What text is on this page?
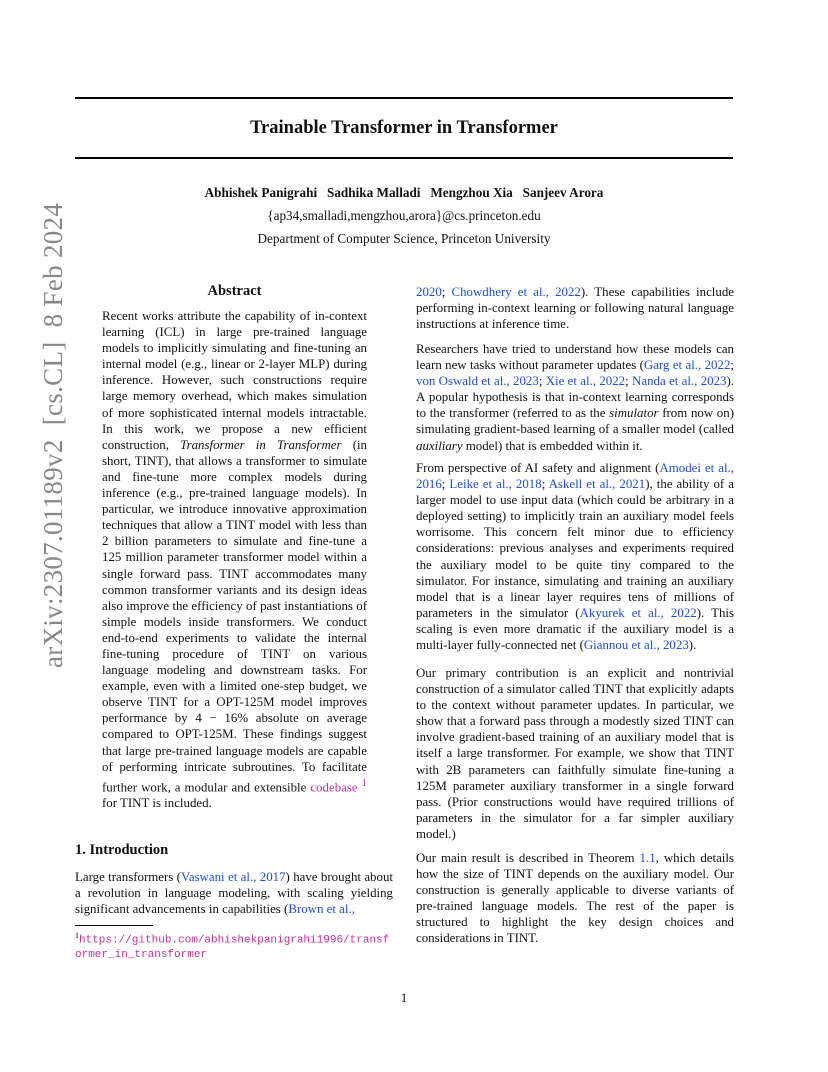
Trainable Transformer in Transformer
Abhishek Panigrahi   Sadhika Malladi   Mengzhou Xia   Sanjeev Arora
{ap34,smalladi,mengzhou,arora}@cs.princeton.edu
Department of Computer Science, Princeton University
arXiv:2307.01189v2  [cs.CL]  8 Feb 2024	Abstract
Recent works attribute the capability of in-context learning (ICL) in large pre-trained language models to implicitly simulating and fine-tuning an internal model (e.g., linear or 2-layer MLP) during inference. However, such constructions require large memory overhead, which makes simulation of more sophisticated internal models intractable. In this work, we propose a new efficient construction, Transformer in Transformer (in short, TINT), that allows a transformer to simulate and fine-tune more complex models during inference (e.g., pre-trained language models). In particular, we introduce innovative approximation techniques that allow a TINT model with less than 2 billion parameters to simulate and fine-tune a 125 million parameter transformer model within a single forward pass. TINT accommodates many common transformer variants and its design ideas also improve the efficiency of past instantiations of simple models inside transformers. We conduct end-to-end experiments to validate the internal fine-tuning procedure of TINT on various language modeling and downstream tasks. For example, even with a limited one-step budget, we observe TINT for a OPT-125M model improves performance by 4 − 16% absolute on average compared to OPT-125M. These findings suggest that large pre-trained language models are capable of performing intricate subroutines. To facilitate further work, a modular and extensible codebase $^1$ for TINT is included.
1. Introduction
Large transformers (Vaswani et al., 2017) have brought about a revolution in language modeling, with scaling yielding significant advancements in capabilities (Brown et al.,
$^1$https://github.com/abhishekpanigrahi1996/transformer_in_transformer
2020; Chowdhery et al., 2022). These capabilities include performing in-context learning or following natural language instructions at inference time.
Researchers have tried to understand how these models can learn new tasks without parameter updates (Garg et al., 2022; von Oswald et al., 2023; Xie et al., 2022; Nanda et al., 2023). A popular hypothesis is that in-context learning corresponds to the transformer (referred to as the simulator from now on) simulating gradient-based learning of a smaller model (called auxiliary model) that is embedded within it.
From perspective of AI safety and alignment (Amodei et al., 2016; Leike et al., 2018; Askell et al., 2021), the ability of a larger model to use input data (which could be arbitrary in a deployed setting) to implicitly train an auxiliary model feels worrisome. This concern felt minor due to efficiency considerations: previous analyses and experiments required the auxiliary model to be quite tiny compared to the simulator. For instance, simulating and training an auxiliary model that is a linear layer requires tens of millions of parameters in the simulator (Akyurek et al., 2022). This scaling is even more dramatic if the auxiliary model is a multi-layer fully-connected net (Giannou et al., 2023).
Our primary contribution is an explicit and nontrivial construction of a simulator called TINT that explicitly adapts to the context without parameter updates. In particular, we show that a forward pass through a modestly sized TINT can involve gradient-based training of an auxiliary model that is itself a large transformer. For example, we show that TINT with 2B parameters can faithfully simulate fine-tuning a 125M parameter auxiliary transformer in a single forward pass. (Prior constructions would have required trillions of parameters in the simulator for a far simpler auxiliary model.)
Our main result is described in Theorem 1.1, which details how the size of TINT depends on the auxiliary model. Our construction is generally applicable to diverse variants of pre-trained language models. The rest of the paper is structured to highlight the key design choices and considerations in TINT.
1
